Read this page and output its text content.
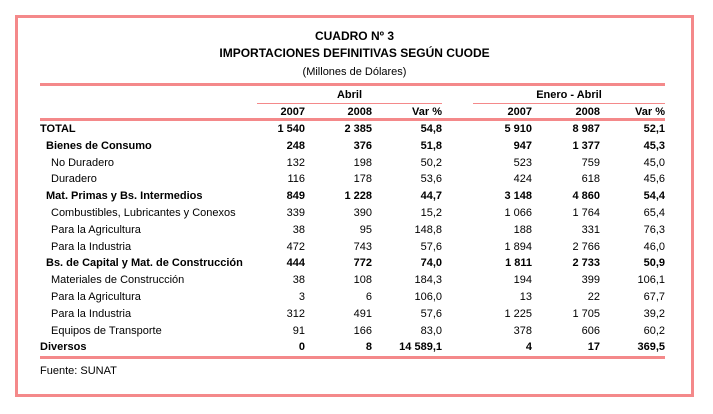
CUADRO Nº 3
IMPORTACIONES DEFINITIVAS SEGÚN CUODE
(Millones de Dólares)
Abril	Enero - Abril
2007	2008	Var %	2007	2008	Var %
TOTAL	1 540	2 385	54,8	5 910	8 987	52,1
Bienes de Consumo	248	376	51,8	947	1 377	45,3
No Duradero	132	198	50,2	523	759	45,0
Duradero	116	178	53,6	424	618	45,6
Mat. Primas y Bs. Intermedios	849	1 228	44,7	3 148	4 860	54,4
Combustibles, Lubricantes y Conexos	339	390	15,2	1 066	1 764	65,4
Para la Agricultura	38	95	148,8	188	331	76,3
Para la Industria	472	743	57,6	1 894	2 766	46,0
Bs. de Capital y Mat. de Construcción	444	772	74,0	1 811	2 733	50,9
Materiales de Construcción	38	108	184,3	194	399	106,1
Para la Agricultura	3	6	106,0	13	22	67,7
Para la Industria	312	491	57,6	1 225	1 705	39,2
Equipos de Transporte	91	166	83,0	378	606	60,2
Diversos	0	8	14 589,1	4	17	369,5
Fuente: SUNAT
